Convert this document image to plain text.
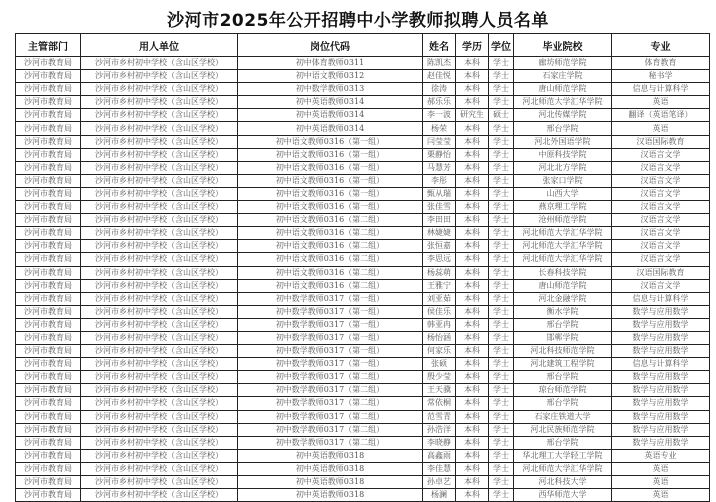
沙河市2025年公开招聘中小学教师拟聘人员名单
主管部门	用人单位	岗位代码	姓名	学历	学位	毕业院校	专业
沙河市教育局	沙河市乡村初中学校（含山区学校）	初中体育教师0311	陈凯杰	本科	学士	廊坊师范学院	体育教育
沙河市教育局	沙河市乡村初中学校（含山区学校）	初中语文教师0312	赵佳悦	本科	学士	石家庄学院	秘书学
沙河市教育局	沙河市乡村初中学校（含山区学校）	初中数学教师0313	徐涛	本科	学士	唐山师范学院	信息与计算科学
沙河市教育局	沙河市乡村初中学校（含山区学校）	初中英语教师0314	郝乐乐	本科	学士	河北师范大学汇华学院	英语
沙河市教育局	沙河市乡村初中学校（含山区学校）	初中英语教师0314	李一波	研究生	硕士	河北传媒学院	翻译（英语笔译）
沙河市教育局	沙河市乡村初中学校（含山区学校）	初中英语教师0314	杨荣	本科	学士	邢台学院	英语
沙河市教育局	沙河市乡村初中学校（含山区学校）	初中语文教师0316（第一组）	闫莹莹	本科	学士	河北外国语学院	汉语国际教育
沙河市教育局	沙河市乡村初中学校（含山区学校）	初中语文教师0316（第一组）	栗静怡	本科	学士	中原科技学院	汉语言文学
沙河市教育局	沙河市乡村初中学校（含山区学校）	初中语文教师0316（第一组）	马慧芳	本科	学士	河北北方学院	汉语言文学
沙河市教育局	沙河市乡村初中学校（含山区学校）	初中语文教师0316（第一组）	李彤	本科	学士	张家口学院	汉语言文学
沙河市教育局	沙河市乡村初中学校（含山区学校）	初中语文教师0316（第一组）	甄从瑞	本科	学士	山西大学	汉语言文学
沙河市教育局	沙河市乡村初中学校（含山区学校）	初中语文教师0316（第一组）	张佳雪	本科	学士	燕京理工学院	汉语言文学
沙河市教育局	沙河市乡村初中学校（含山区学校）	初中语文教师0316（第二组）	李田田	本科	学士	沧州师范学院	汉语言文学
沙河市教育局	沙河市乡村初中学校（含山区学校）	初中语文教师0316（第二组）	林婕婕	本科	学士	河北师范大学汇华学院	汉语言文学
沙河市教育局	沙河市乡村初中学校（含山区学校）	初中语文教师0316（第二组）	张恒嘉	本科	学士	河北师范大学汇华学院	汉语言文学
沙河市教育局	沙河市乡村初中学校（含山区学校）	初中语文教师0316（第二组）	李思远	本科	学士	河北师范大学汇华学院	汉语言文学
沙河市教育局	沙河市乡村初中学校（含山区学校）	初中语文教师0316（第二组）	杨蕊萌	本科	学士	长春科技学院	汉语国际教育
沙河市教育局	沙河市乡村初中学校（含山区学校）	初中语文教师0316（第二组）	王雅宁	本科	学士	唐山师范学院	汉语言文学
沙河市教育局	沙河市乡村初中学校（含山区学校）	初中数学教师0317（第一组）	刘亚茹	本科	学士	河北金融学院	信息与计算科学
沙河市教育局	沙河市乡村初中学校（含山区学校）	初中数学教师0317（第一组）	侯佳乐	本科	学士	衡水学院	数学与应用数学
沙河市教育局	沙河市乡村初中学校（含山区学校）	初中数学教师0317（第一组）	韩亚冉	本科	学士	邢台学院	数学与应用数学
沙河市教育局	沙河市乡村初中学校（含山区学校）	初中数学教师0317（第一组）	杨怡涵	本科	学士	邯郸学院	数学与应用数学
沙河市教育局	沙河市乡村初中学校（含山区学校）	初中数学教师0317（第一组）	何家乐	本科	学士	河北科技师范学院	数学与应用数学
沙河市教育局	沙河市乡村初中学校（含山区学校）	初中数学教师0317（第一组）	张硕	本科	学士	河北建筑工程学院	信息与计算科学
沙河市教育局	沙河市乡村初中学校（含山区学校）	初中数学教师0317（第二组）	殷少莹	本科	学士	邢台学院	数学与应用数学
沙河市教育局	沙河市乡村初中学校（含山区学校）	初中数学教师0317（第二组）	王天骥	本科	学士	琼台师范学院	数学与应用数学
沙河市教育局	沙河市乡村初中学校（含山区学校）	初中数学教师0317（第二组）	常依桐	本科	学士	邢台学院	数学与应用数学
沙河市教育局	沙河市乡村初中学校（含山区学校）	初中数学教师0317（第二组）	范雪青	本科	学士	石家庄铁道大学	数学与应用数学
沙河市教育局	沙河市乡村初中学校（含山区学校）	初中数学教师0317（第二组）	孙浩洋	本科	学士	河北民族师范学院	数学与应用数学
沙河市教育局	沙河市乡村初中学校（含山区学校）	初中数学教师0317（第二组）	李晓静	本科	学士	邢台学院	数学与应用数学
沙河市教育局	沙河市乡村初中学校（含山区学校）	初中英语教师0318	高鑫雨	本科	学士	华北理工大学轻工学院	英语专业
沙河市教育局	沙河市乡村初中学校（含山区学校）	初中英语教师0318	李佳慧	本科	学士	河北师范大学汇华学院	英语
沙河市教育局	沙河市乡村初中学校（含山区学校）	初中英语教师0318	孙卓艺	本科	学士	河北科技大学	英语
沙河市教育局	沙河市乡村初中学校（含山区学校）	初中英语教师0318	杨澜	本科	学士	西华师范大学	英语
